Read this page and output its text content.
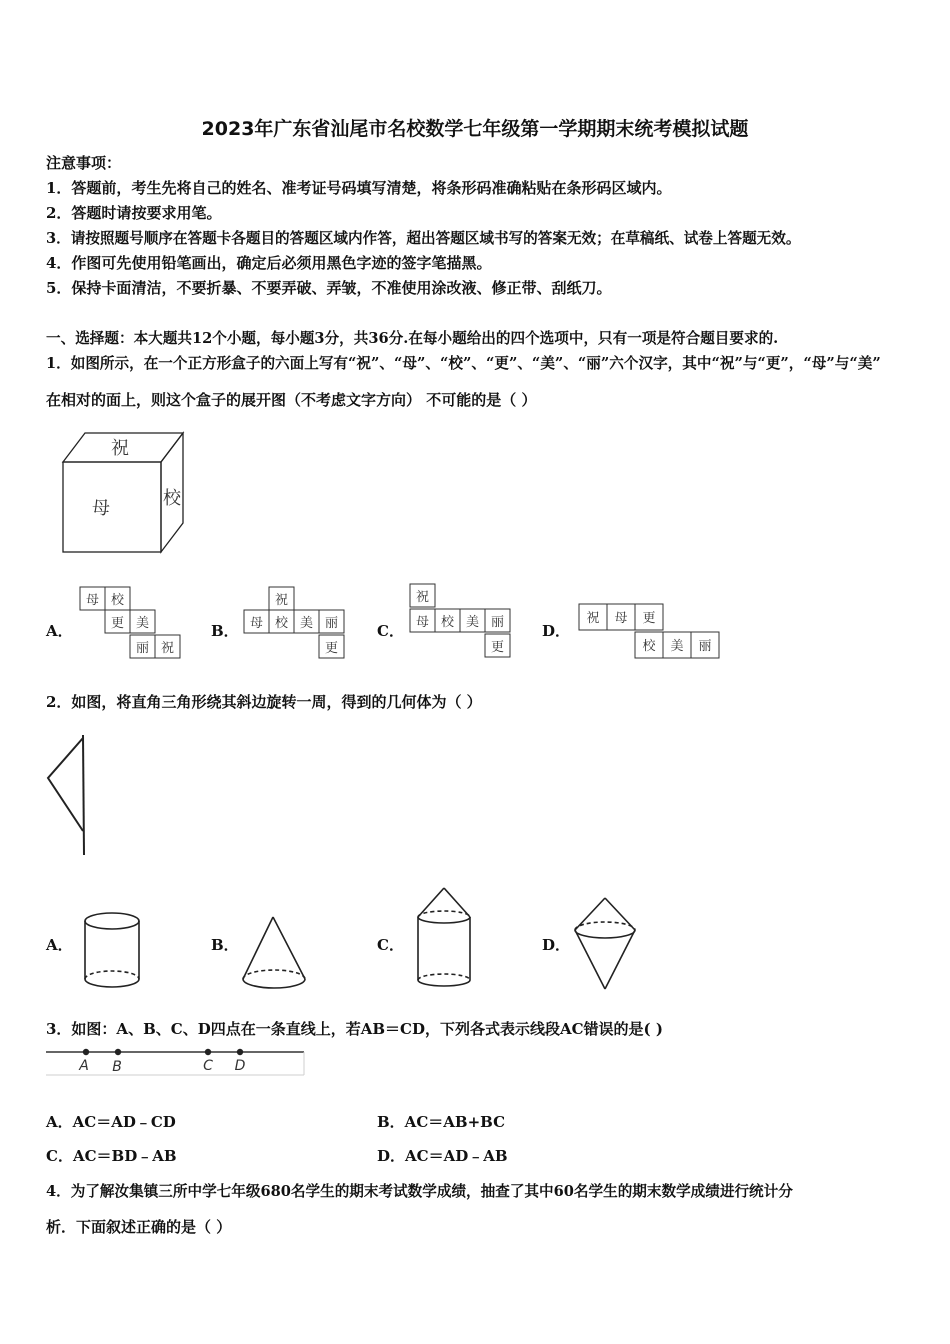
2023年广东省汕尾市名校数学七年级第一学期期末统考模拟试题
注意事项：
1．答题前，考生先将自己的姓名、准考证号码填写清楚，将条形码准确粘贴在条形码区域内。
2．答题时请按要求用笔。
3．请按照题号顺序在答题卡各题目的答题区域内作答，超出答题区域书写的答案无效；在草稿纸、试卷上答题无效。
4．作图可先使用铅笔画出，确定后必须用黑色字迹的签字笔描黑。
5．保持卡面清洁，不要折暴、不要弄破、弄皱，不准使用涂改液、修正带、刮纸刀。
一、选择题：本大题共12个小题，每小题3分，共36分.在每小题给出的四个选项中，只有一项是符合题目要求的.
1．如图所示，在一个正方形盒子的六面上写有“祝”、“母”、“校”、“更”、“美”、“丽”六个汉字，其中“祝”与“更”，“母”与“美”
在相对的面上，则这个盒子的展开图（不考虑文字方向） 不可能的是（ ）
祝
母	校
A．
母 校
更 美
丽 祝
B．
祝
母 校 美 丽
更
C．
祝
母 校 美 丽
更
D．
祝 母 更
校 美 丽
2．如图，将直角三角形绕其斜边旋转一周，得到的几何体为（ ）
A．	B．	C．	D．
3．如图：A、B、C、D四点在一条直线上，若AB＝CD，下列各式表示线段AC错误的是( )
A B	C D
A．AC＝AD﹣CD	B．AC＝AB+BC
C．AC＝BD﹣AB	D．AC＝AD﹣AB
4．为了解汝集镇三所中学七年级680名学生的期末考试数学成绩，抽查了其中60名学生的期末数学成绩进行统计分
析．下面叙述正确的是（ ）
